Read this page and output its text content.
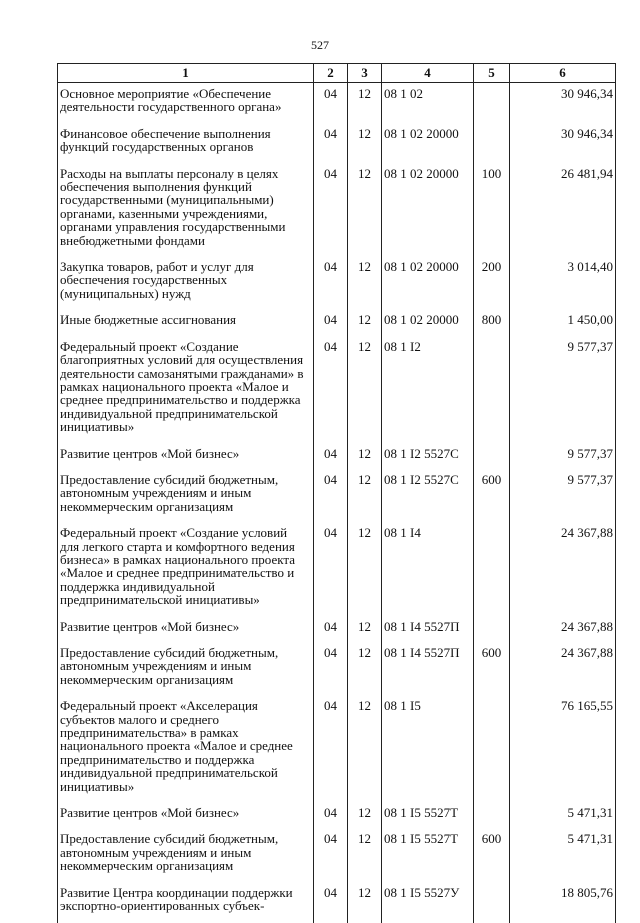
527
1	2	3	4	5	6
Основное мероприятие «Обеспечение деятельности государственного органа»	04	12	08 1 02		30 946,34
Финансовое обеспечение выполнения функций государственных органов	04	12	08 1 02 20000		30 946,34
Расходы на выплаты персоналу в целях обеспечения выполнения функций государственными (муниципальными) органами, казенными учреждениями, органами управления государственными внебюджетными фондами	04	12	08 1 02 20000	100	26 481,94
Закупка товаров, работ и услуг для обеспечения государственных (муниципальных) нужд	04	12	08 1 02 20000	200	3 014,40
Иные бюджетные ассигнования	04	12	08 1 02 20000	800	1 450,00
Федеральный проект «Создание благоприятных условий для осуществления деятельности самозанятыми гражданами» в рамках национального проекта «Малое и среднее предпринимательство и поддержка индивидуальной предпринимательской инициативы»	04	12	08 1 I2		9 577,37
Развитие центров «Мой бизнес»	04	12	08 1 I2 5527С		9 577,37
Предоставление субсидий бюджетным, автономным учреждениям и иным некоммерческим организациям	04	12	08 1 I2 5527С	600	9 577,37
Федеральный проект «Создание условий для легкого старта и комфортного ведения бизнеса» в рамках национального проекта «Малое и среднее предпринимательство и поддержка индивидуальной предпринимательской инициативы»	04	12	08 1 I4		24 367,88
Развитие центров «Мой бизнес»	04	12	08 1 I4 5527П		24 367,88
Предоставление субсидий бюджетным, автономным учреждениям и иным некоммерческим организациям	04	12	08 1 I4 5527П	600	24 367,88
Федеральный проект «Акселерация субъектов малого и среднего предпринимательства» в рамках национального проекта «Малое и среднее предпринимательство и поддержка индивидуальной предпринимательской инициативы»	04	12	08 1 I5		76 165,55
Развитие центров «Мой бизнес»	04	12	08 1 I5 5527Т		5 471,31
Предоставление субсидий бюджетным, автономным учреждениям и иным некоммерческим организациям	04	12	08 1 I5 5527Т	600	5 471,31
Развитие Центра координации поддержки экспортно-ориентированных субъек-	04	12	08 1 I5 5527У		18 805,76
